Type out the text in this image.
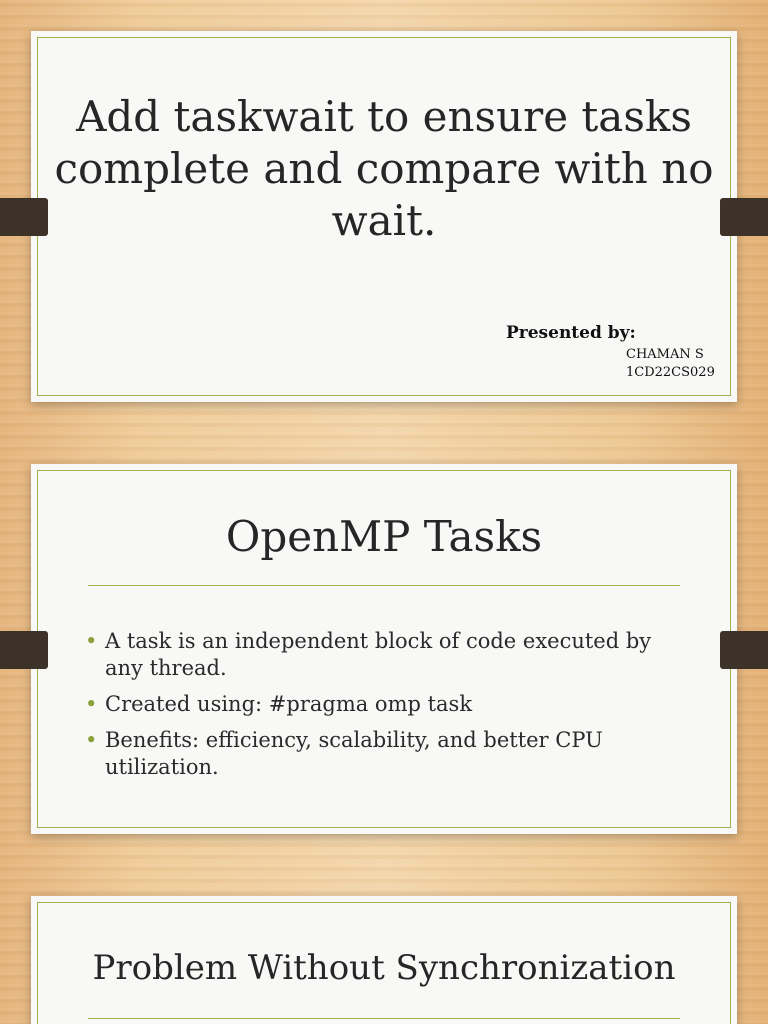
Add taskwait to ensure tasks complete and compare with no wait.
Presented by:
CHAMAN S
1CD22CS029
OpenMP Tasks
• A task is an independent block of code executed by any thread.
• Created using: #pragma omp task
• Benefits: efficiency, scalability, and better CPU utilization.
Problem Without Synchronization
